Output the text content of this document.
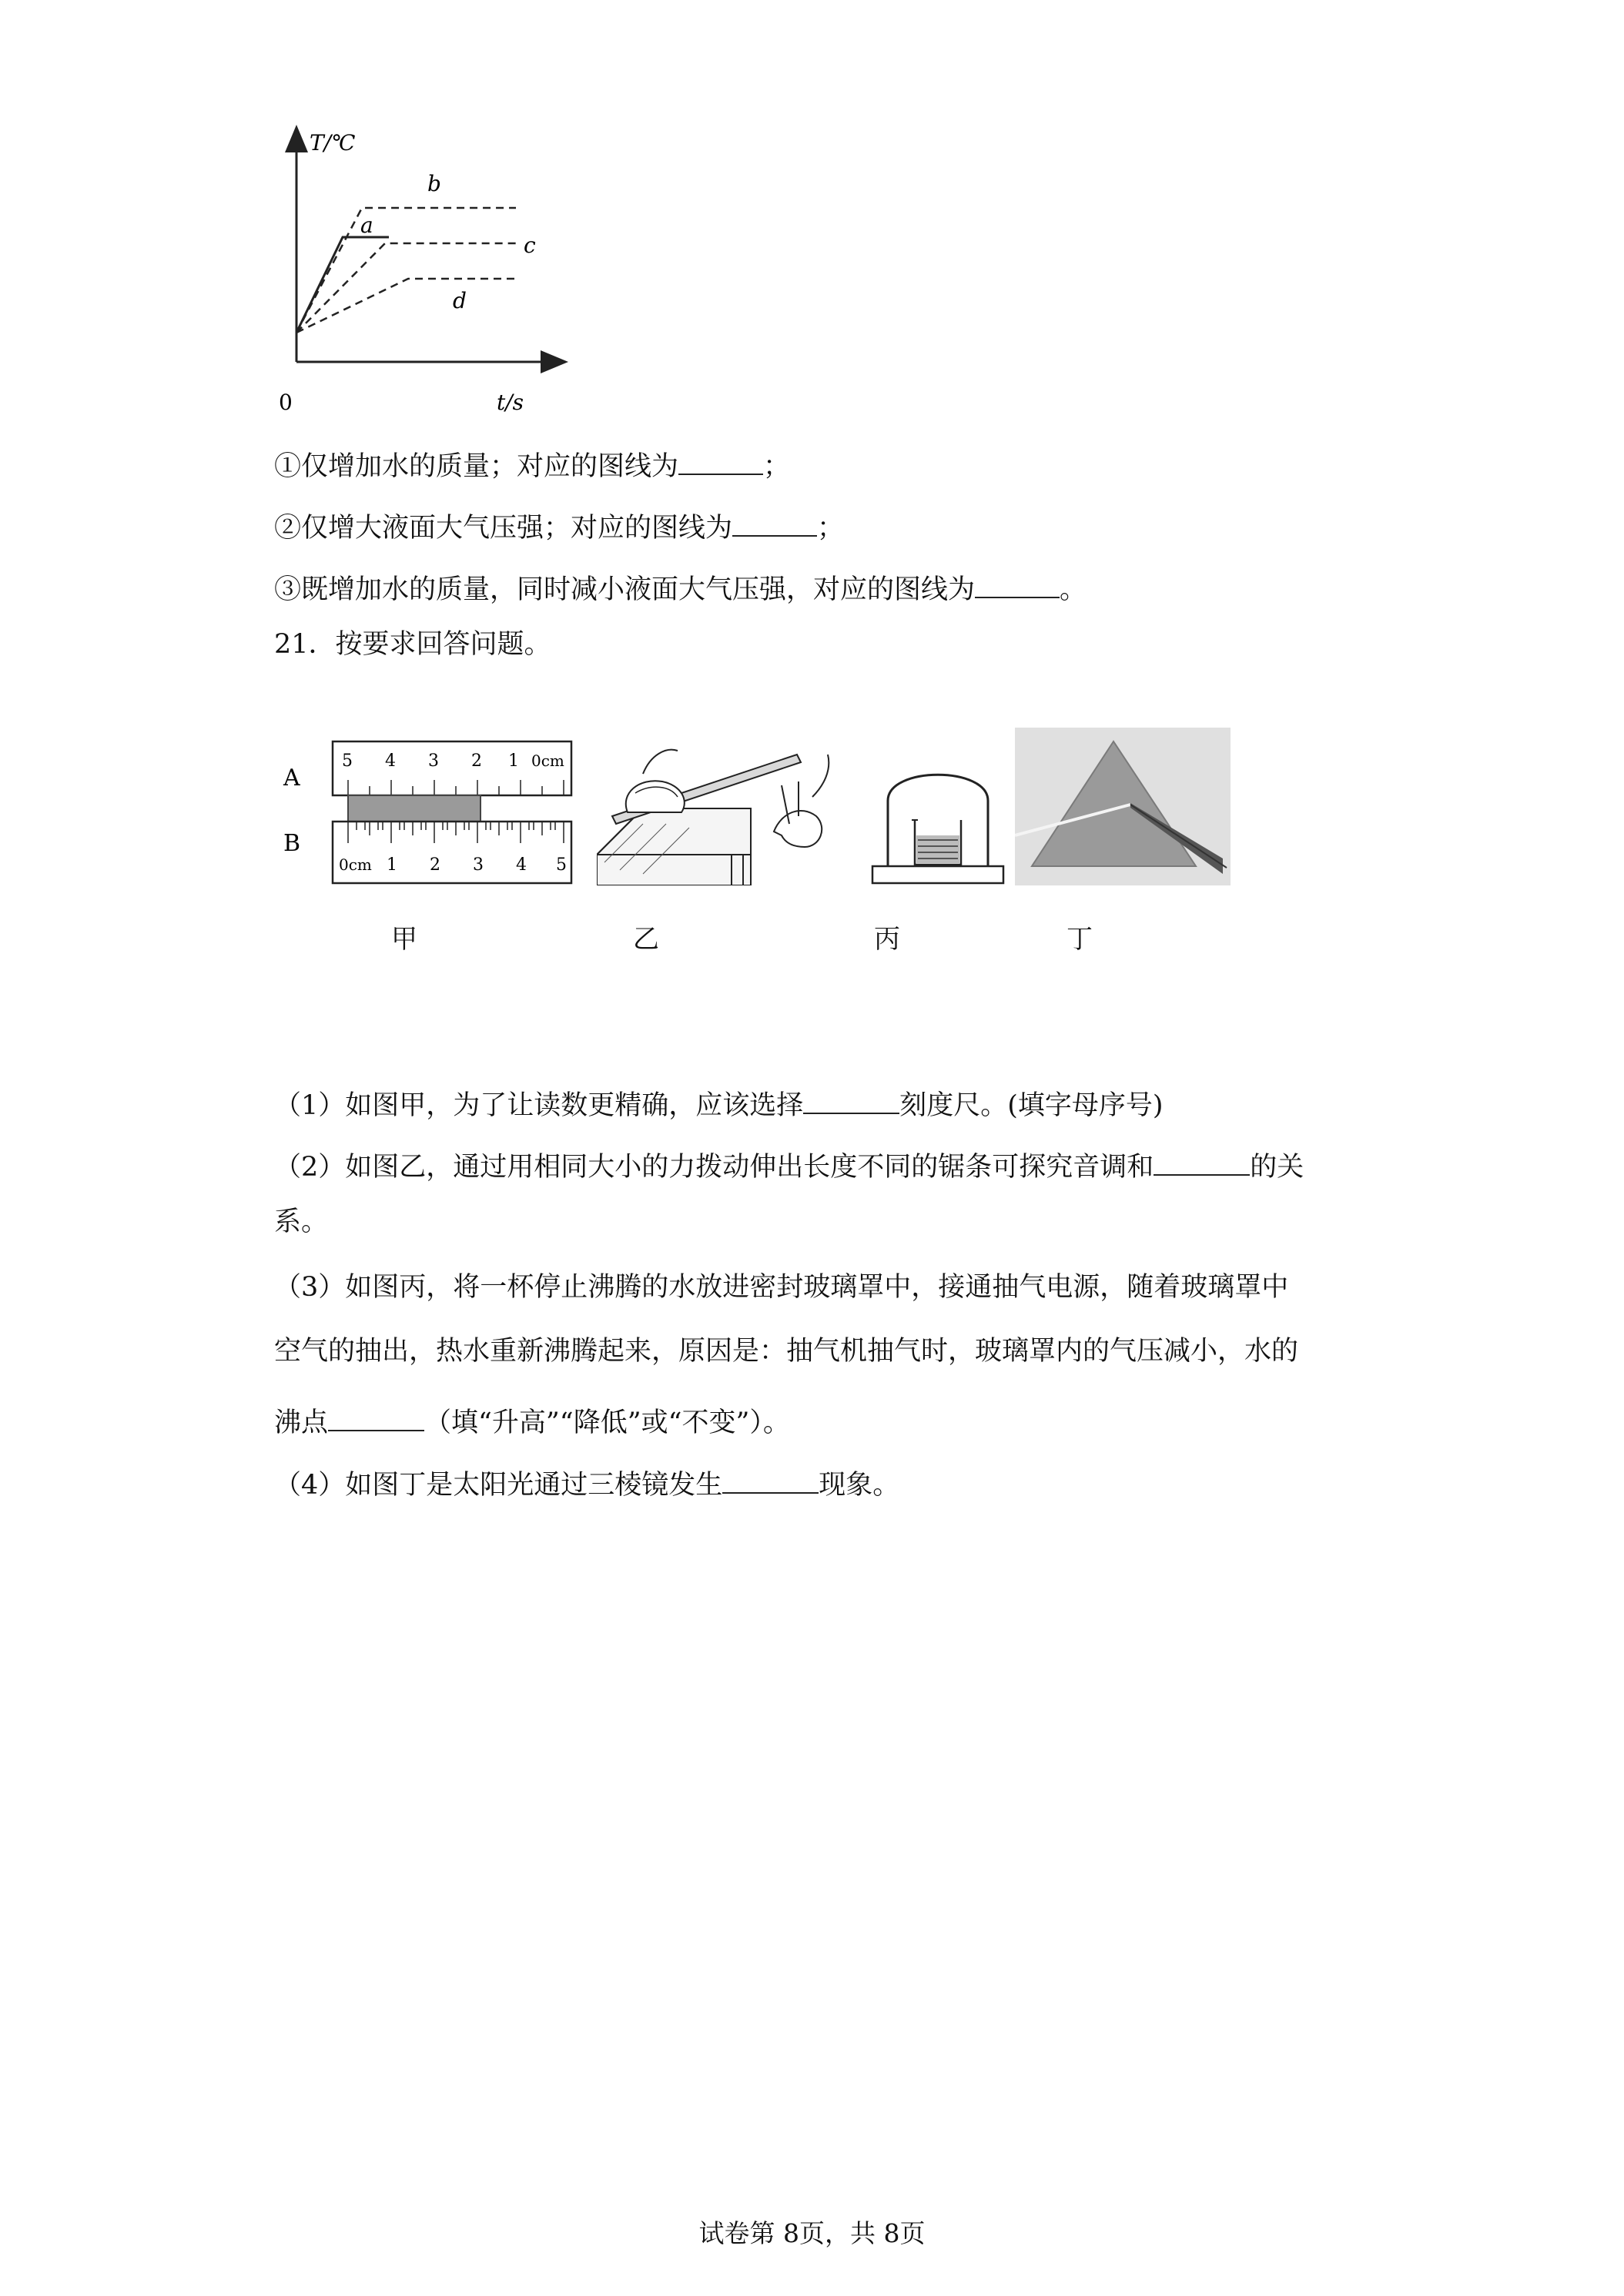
T/℃
t/s
0
a
b
c
d
①仅增加水的质量；对应的图线为	；
②仅增大液面大气压强；对应的图线为	；
③既增加水的质量，同时减小液面大气压强，对应的图线为	。
21．按要求回答问题。
A
B
5 4 3 2 1 0cm
0cm 1 2 3 4 5
甲	乙	丙	丁
（1）如图甲，为了让读数更精确，应该选择	刻度尺。(填字母序号)
（2）如图乙，通过用相同大小的力拨动伸出长度不同的锯条可探究音调和	的关
系。
（3）如图丙，将一杯停止沸腾的水放进密封玻璃罩中，接通抽气电源，随着玻璃罩中
空气的抽出，热水重新沸腾起来，原因是：抽气机抽气时，玻璃罩内的气压减小，水的
沸点	（填“升高”“降低”或“不变”）。
（4）如图丁是太阳光通过三棱镜发生	现象。
试卷第 8页，共 8页
